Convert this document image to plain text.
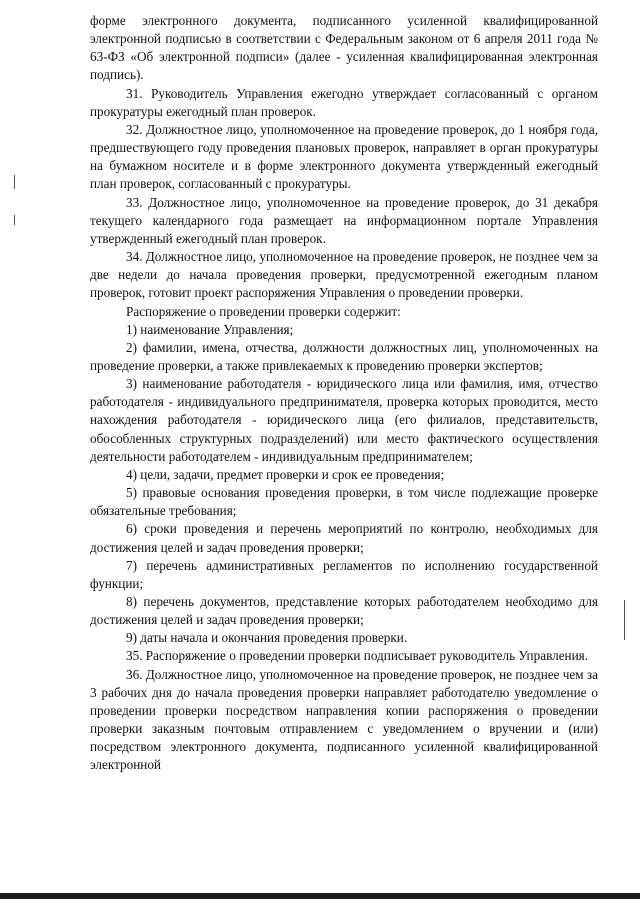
форме электронного документа, подписанного усиленной квалифицированной электронной подписью в соответствии с Федеральным законом от 6 апреля 2011 года № 63-ФЗ «Об электронной подписи» (далее - усиленная квалифицированная электронная подпись).

31. Руководитель Управления ежегодно утверждает согласованный с органом прокуратуры ежегодный план проверок.

32. Должностное лицо, уполномоченное на проведение проверок, до 1 ноября года, предшествующего году проведения плановых проверок, направляет в орган прокуратуры на бумажном носителе и в форме электронного документа утвержденный ежегодный план проверок, согласованный с прокуратуры.

33. Должностное лицо, уполномоченное на проведение проверок, до 31 декабря текущего календарного года размещает на информационном портале Управления утвержденный ежегодный план проверок.

34. Должностное лицо, уполномоченное на проведение проверок, не позднее чем за две недели до начала проведения проверки, предусмотренной ежегодным планом проверок, готовит проект распоряжения Управления о проведении проверки.

Распоряжение о проведении проверки содержит:

1) наименование Управления;

2) фамилии, имена, отчества, должности должностных лиц, уполномоченных на проведение проверки, а также привлекаемых к проведению проверки экспертов;

3) наименование работодателя - юридического лица или фамилия, имя, отчество работодателя - индивидуального предпринимателя, проверка которых проводится, место нахождения работодателя - юридического лица (его филиалов, представительств, обособленных структурных подразделений) или место фактического осуществления деятельности работодателем - индивидуальным предпринимателем;

4) цели, задачи, предмет проверки и срок ее проведения;

5) правовые основания проведения проверки, в том числе подлежащие проверке обязательные требования;

6) сроки проведения и перечень мероприятий по контролю, необходимых для достижения целей и задач проведения проверки;

7) перечень административных регламентов по исполнению государственной функции;

8) перечень документов, представление которых работодателем необходимо для достижения целей и задач проведения проверки;

9) даты начала и окончания проведения проверки.

35. Распоряжение о проведении проверки подписывает руководитель Управления.

36. Должностное лицо, уполномоченное на проведение проверок, не позднее чем за 3 рабочих дня до начала проведения проверки направляет работодателю уведомление о проведении проверки посредством направления копии распоряжения о проведении проверки заказным почтовым отправлением с уведомлением о вручении и (или) посредством электронного документа, подписанного усиленной квалифицированной электронной
